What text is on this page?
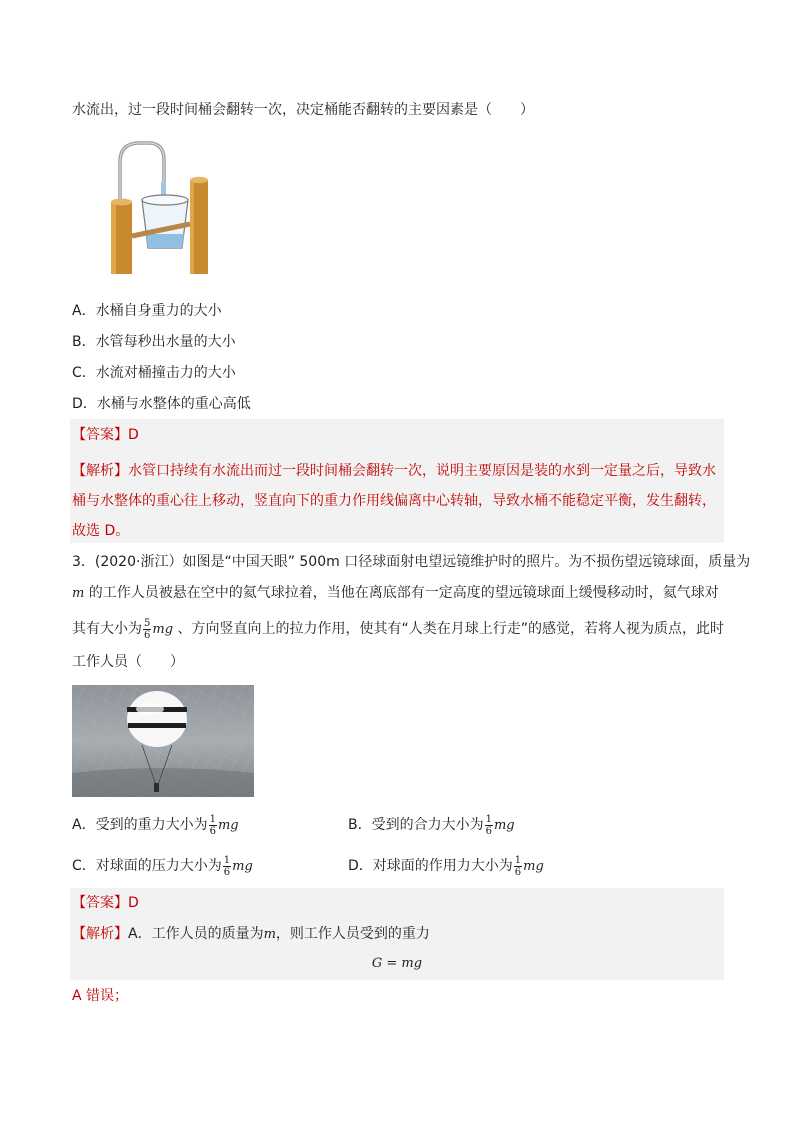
水流出，过一段时间桶会翻转一次，决定桶能否翻转的主要因素是（　　）
A．水桶自身重力的大小
B．水管每秒出水量的大小
C．水流对桶撞击力的大小
D．水桶与水整体的重心高低
【答案】D
【解析】水管口持续有水流出而过一段时间桶会翻转一次，说明主要原因是装的水到一定量之后，导致水
桶与水整体的重心往上移动，竖直向下的重力作用线偏离中心转轴，导致水桶不能稳定平衡，发生翻转，
故选 D。
3．(2020·浙江）如图是“中国天眼” 500m 口径球面射电望远镜维护时的照片。为不损伤望远镜球面，质量为
m 的工作人员被悬在空中的氦气球拉着，当他在离底部有一定高度的望远镜球面上缓慢移动时，氦气球对
其有大小为 $\frac{5}{6}$ mg 、方向竖直向上的拉力作用，使其有“人类在月球上行走”的感觉，若将人视为质点，此时
工作人员（　　）
A．受到的重力大小为 $\frac{1}{6}$ mg	B．受到的合力大小为 $\frac{1}{6}$ mg
C．对球面的压力大小为 $\frac{1}{6}$ mg	D．对球面的作用力大小为 $\frac{1}{6}$ mg
【答案】D
【解析】A．工作人员的质量为m，则工作人员受到的重力
G = mg
A 错误；
